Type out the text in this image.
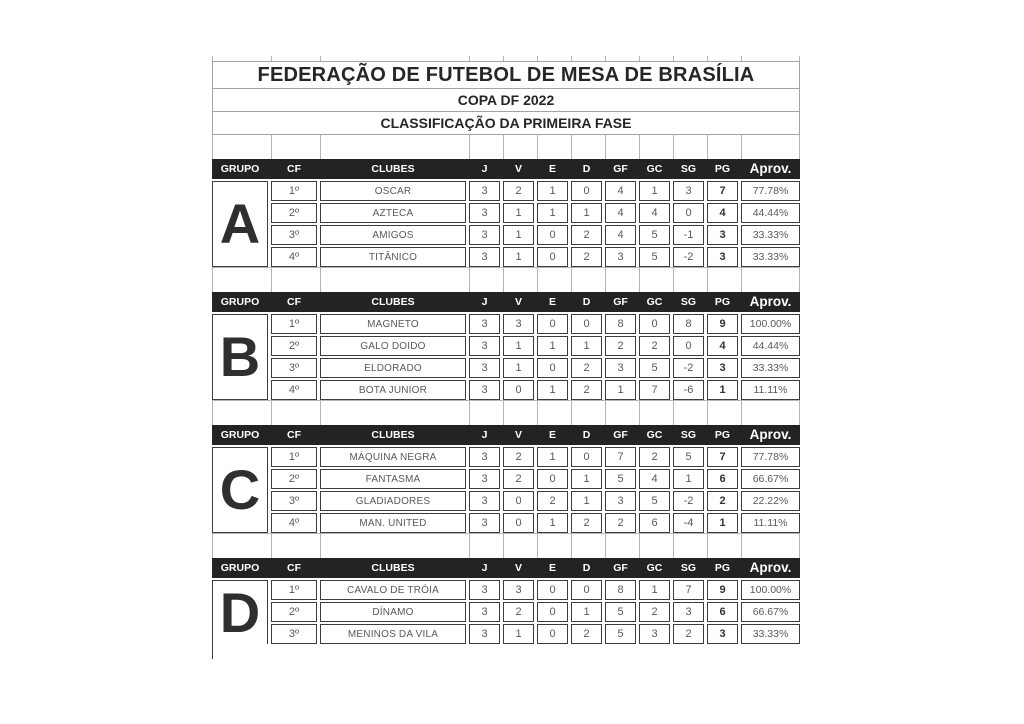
FEDERAÇÃO DE FUTEBOL DE MESA DE BRASÍLIA
COPA DF 2022
CLASSIFICAÇÃO DA PRIMEIRA FASE
GRUPO	CF	CLUBES	J	V	E	D	GF	GC	SG	PG	Aprov.
A
1º	OSCAR	3	2	1	0	4	1	3	7	77.78%
2º	AZTECA	3	1	1	1	4	4	0	4	44.44%
3º	AMIGOS	3	1	0	2	4	5	-1	3	33.33%
4º	TITÂNICO	3	1	0	2	3	5	-2	3	33.33%
GRUPO	CF	CLUBES	J	V	E	D	GF	GC	SG	PG	Aprov.
B
1º	MAGNETO	3	3	0	0	8	0	8	9	100.00%
2º	GALO DOIDO	3	1	1	1	2	2	0	4	44.44%
3º	ELDORADO	3	1	0	2	3	5	-2	3	33.33%
4º	BOTA JUNIOR	3	0	1	2	1	7	-6	1	11.11%
GRUPO	CF	CLUBES	J	V	E	D	GF	GC	SG	PG	Aprov.
C
1º	MÁQUINA NEGRA	3	2	1	0	7	2	5	7	77.78%
2º	FANTASMA	3	2	0	1	5	4	1	6	66.67%
3º	GLADIADORES	3	0	2	1	3	5	-2	2	22.22%
4º	MAN. UNITED	3	0	1	2	2	6	-4	1	11.11%
GRUPO	CF	CLUBES	J	V	E	D	GF	GC	SG	PG	Aprov.
D	1º	CAVALO DE TRÓIA	3	3	0	0	8	1	7	9	100.00%
2º	DÍNAMO	3	2	0	1	5	2	3	6	66.67%
3º	MENINOS DA VILA	3	1	0	2	5	3	2	3	33.33%
